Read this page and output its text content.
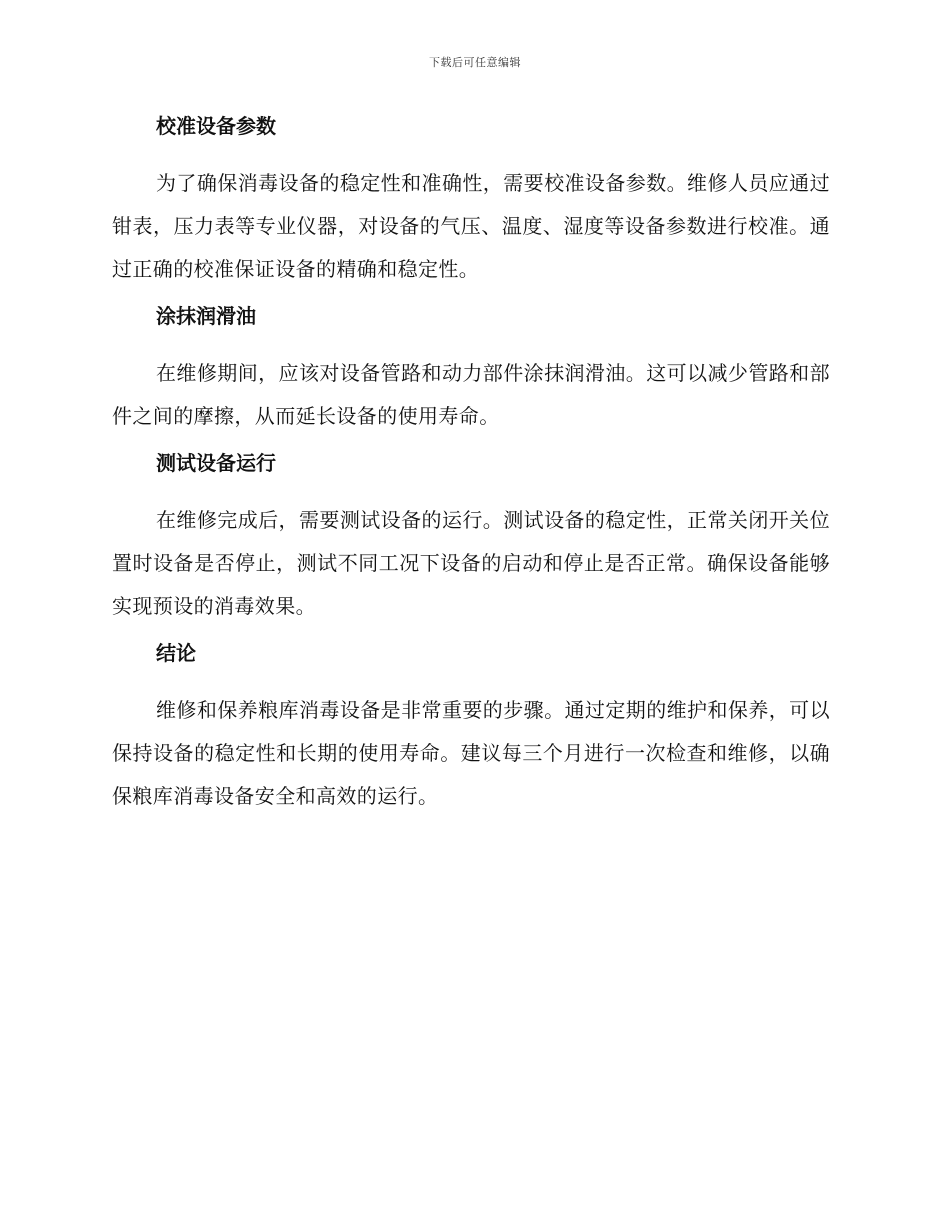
下载后可任意编辑
校准设备参数

为了确保消毒设备的稳定性和准确性，需要校准设备参数。维修人员应通过钳表，压力表等专业仪器，对设备的气压、温度、湿度等设备参数进行校准。通过正确的校准保证设备的精确和稳定性。

涂抹润滑油

在维修期间，应该对设备管路和动力部件涂抹润滑油。这可以减少管路和部件之间的摩擦，从而延长设备的使用寿命。

测试设备运行

在维修完成后，需要测试设备的运行。测试设备的稳定性，正常关闭开关位置时设备是否停止，测试不同工况下设备的启动和停止是否正常。确保设备能够实现预设的消毒效果。

结论

维修和保养粮库消毒设备是非常重要的步骤。通过定期的维护和保养，可以保持设备的稳定性和长期的使用寿命。建议每三个月进行一次检查和维修，以确保粮库消毒设备安全和高效的运行。
